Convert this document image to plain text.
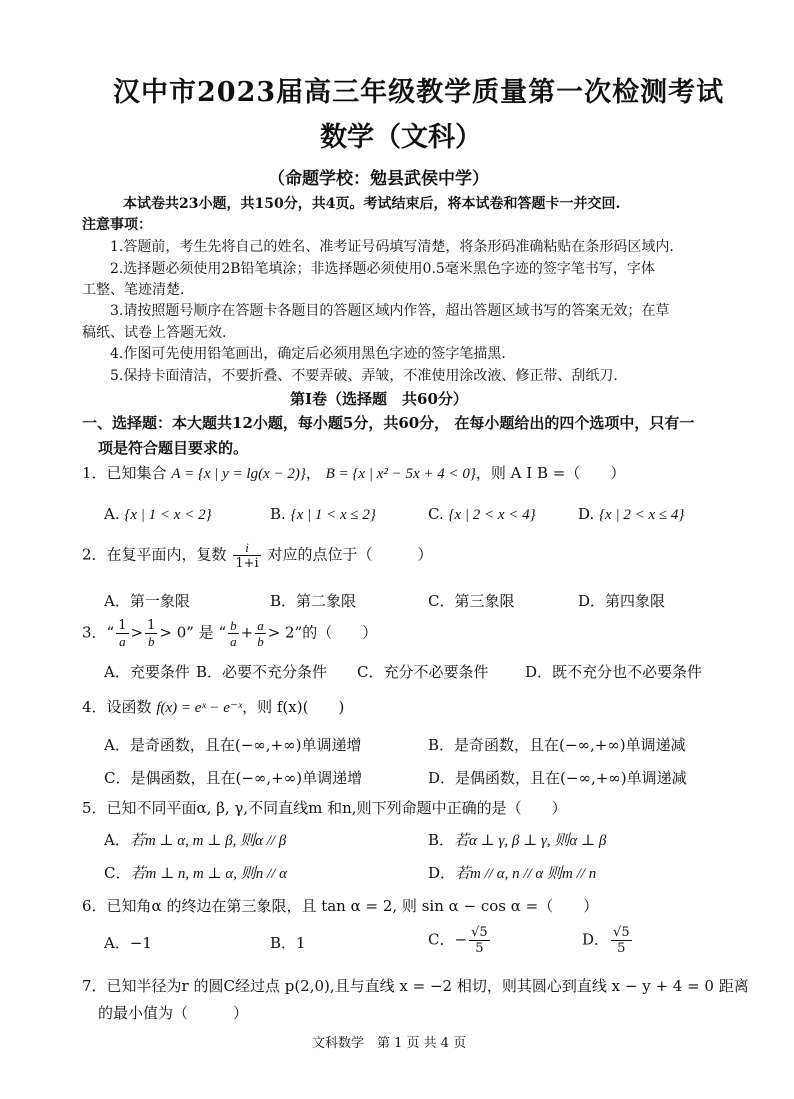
汉中市2023届高三年级教学质量第一次检测考试
数学（文科）
（命题学校：勉县武侯中学）
本试卷共23小题，共150分，共4页。考试结束后，将本试卷和答题卡一并交回.
注意事项：
1.答题前，考生先将自己的姓名、准考证号码填写清楚，将条形码准确粘贴在条形码区域内.
2.选择题必须使用2B铅笔填涂；非选择题必须使用0.5毫米黑色字迹的签字笔书写，字体
工整、笔迹清楚.
3.请按照题号顺序在答题卡各题目的答题区域内作答，超出答题区域书写的答案无效；在草
稿纸、试卷上答题无效.
4.作图可先使用铅笔画出，确定后必须用黑色字迹的签字笔描黑.
5.保持卡面清洁，不要折叠、不要弄破、弄皱，不准使用涂改液、修正带、刮纸刀.
第Ⅰ卷（选择题　共60分）
一、选择题：本大题共12小题，每小题5分，共60分， 在每小题给出的四个选项中，只有一
项是符合题目要求的。
1．已知集合 A = {x | y = lg(x − 2)}， B = {x | x² − 5x + 4 < 0}，则 A I B =（　　）
A. {x | 1 < x < 2}	B. {x | 1 < x ≤ 2}	C. {x | 2 < x < 4}	D. {x | 2 < x ≤ 4}
2．在复平面内，复数 $\frac{i}{1+i}$ 对应的点位于（　　　）
A．第一象限	B．第二象限	C．第三象限	D．第四象限
3．“ $\frac{1}{a} > \frac{1}{b} > 0$” 是 “ $\frac{b}{a} + \frac{a}{b} > 2$”的（　　）
A．充要条件 B．必要不充分条件 C．充分不必要条件 D．既不充分也不必要条件
4．设函数 f(x) = eˣ − e⁻ˣ，则 f(x)(　　)
A．是奇函数，且在(−∞,+∞)单调递增	B．是奇函数，且在(−∞,+∞)单调递减
C．是偶函数，且在(−∞,+∞)单调递增	D．是偶函数，且在(−∞,+∞)单调递减
5．已知不同平面α, β, γ,不同直线m 和n,则下列命题中正确的是（　　）
A．若m ⊥ α, m ⊥ β, 则α // β	B．若α ⊥ γ, β ⊥ γ, 则α ⊥ β
C．若m ⊥ n, m ⊥ α, 则n // α	D．若m // α, n // α 则m // n
6．已知角α 的终边在第三象限，且 tan α = 2, 则 sin α − cos α =（　　）
A．−1	B．1	C．− $\frac{√5}{5}$	D． $\frac{√5}{5}$
7．已知半径为r 的圆C经过点 p(2,0),且与直线 x = −2 相切，则其圆心到直线 x − y + 4 = 0 距离
的最小值为（　　　）
文科数学　第 1 页 共 4 页
